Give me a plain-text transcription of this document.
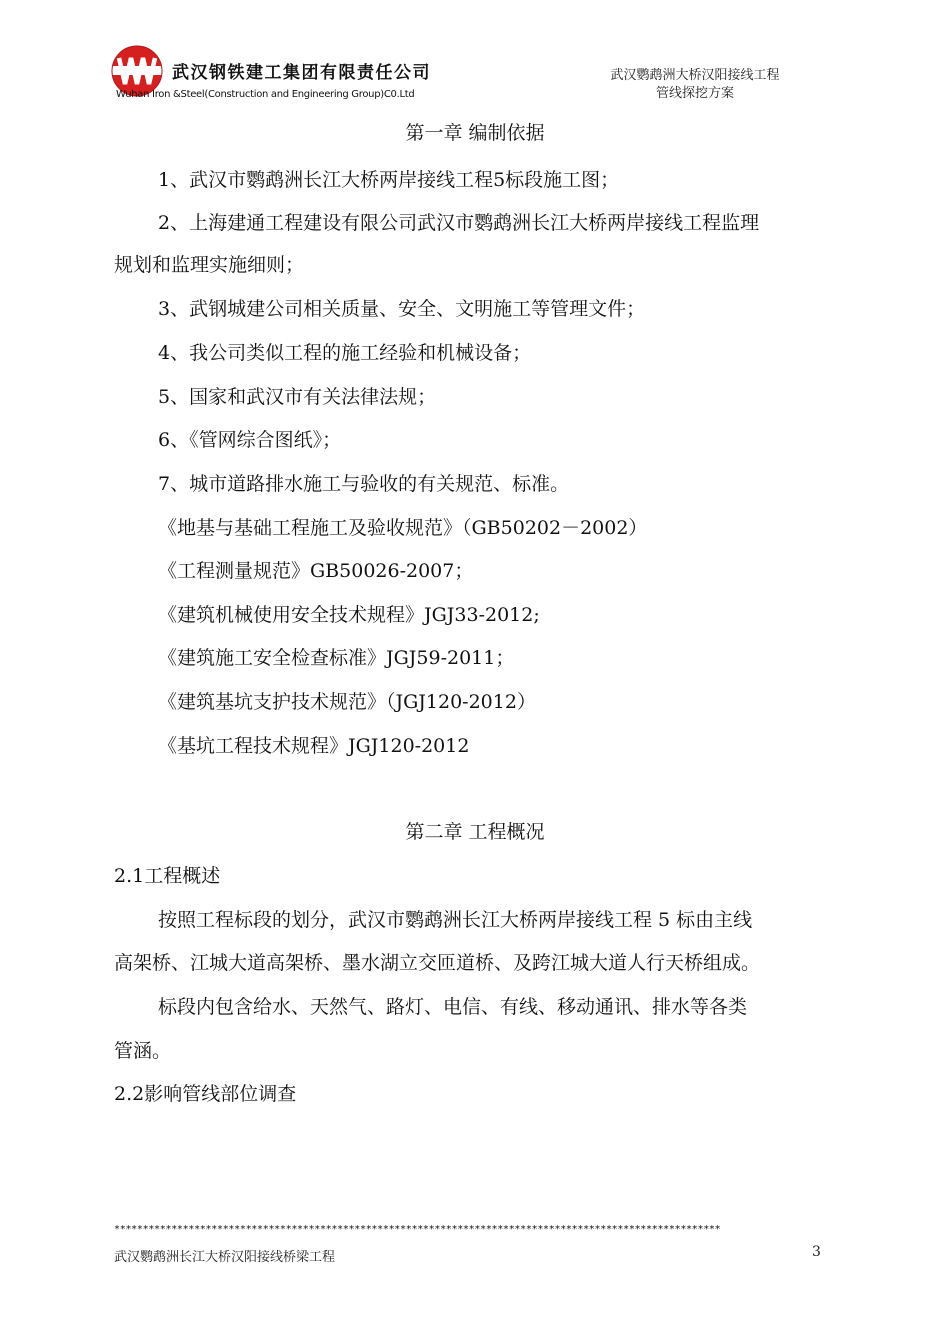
武汉钢铁建工集团有限责任公司
Wuhan Iron &Steel(Construction and Engineering Group)C0.Ltd
武汉鹦鹉洲大桥汉阳接线工程
管线探挖方案
第一章 编制依据
1、武汉市鹦鹉洲长江大桥两岸接线工程5标段施工图；
2、上海建通工程建设有限公司武汉市鹦鹉洲长江大桥两岸接线工程监理
规划和监理实施细则；
3、武钢城建公司相关质量、安全、文明施工等管理文件；
4、我公司类似工程的施工经验和机械设备；
5、国家和武汉市有关法律法规；
6、《管网综合图纸》；
7、城市道路排水施工与验收的有关规范、标准。
《地基与基础工程施工及验收规范》（GB50202－2002）
《工程测量规范》GB50026-2007；
《建筑机械使用安全技术规程》JGJ33-2012;
《建筑施工安全检查标准》JGJ59-2011；
《建筑基坑支护技术规范》（JGJ120-2012）
《基坑工程技术规程》JGJ120-2012
第二章 工程概况
2.1工程概述
按照工程标段的划分，武汉市鹦鹉洲长江大桥两岸接线工程 5 标由主线
高架桥、江城大道高架桥、墨水湖立交匝道桥、及跨江城大道人行天桥组成。
标段内包含给水、天然气、路灯、电信、有线、移动通讯、排水等各类
管涵。
2.2影响管线部位调查
**********************************************************************************************************
武汉鹦鹉洲长江大桥汉阳接线桥梁工程	3
